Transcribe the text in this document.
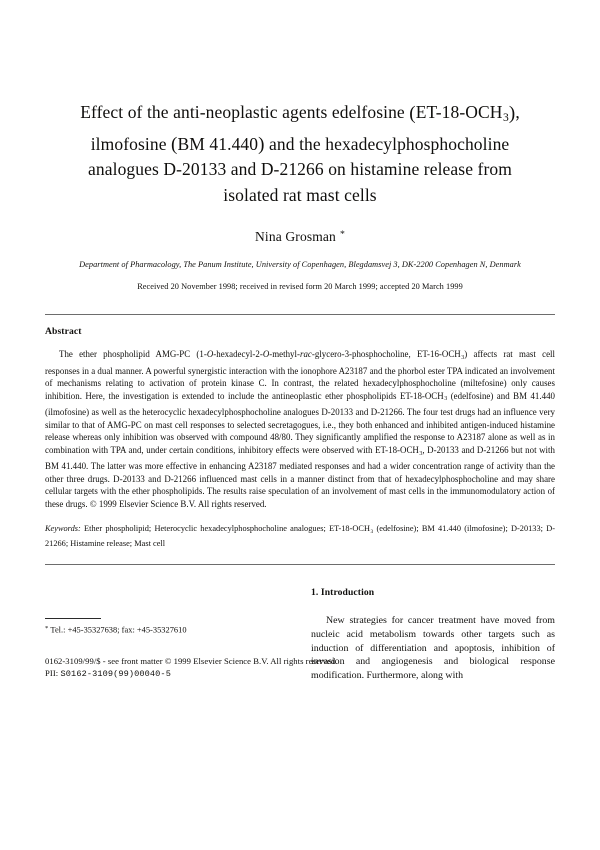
Effect of the anti-neoplastic agents edelfosine $(ET-18-OCH_3)$,
ilmofosine (BM 41.440) and the hexadecylphosphocholine
analogues D-20133 and D-21266 on histamine release from
isolated rat mast cells
Nina Grosman *
Department of Pharmacology, The Panum Institute, University of Copenhagen, Blegdamsvej 3, DK-2200 Copenhagen N, Denmark
Received 20 November 1998; received in revised form 20 March 1999; accepted 20 March 1999
Abstract

The ether phospholipid AMG-PC (1-O-hexadecyl-2-O-methyl-rac-glycero-3-phosphocholine, $ET-16-OCH_3$) affects rat mast cell responses in a dual manner. A powerful synergistic interaction with the ionophore A23187 and the phorbol ester TPA indicated an involvement of mechanisms relating to activation of protein kinase C. In contrast, the related hexadecylphosphocholine (miltefosine) only causes inhibition. Here, the investigation is extended to include the antineoplastic ether phospholipids $ET-18-OCH_3$ (edelfosine) and BM 41.440 (ilmofosine) as well as the heterocyclic hexadecylphosphocholine analogues D-20133 and D-21266. The four test drugs had an influence very similar to that of AMG-PC on mast cell responses to selected secretagogues, i.e., they both enhanced and inhibited antigen-induced histamine release whereas only inhibition was observed with compound 48/80. They significantly amplified the response to A23187 alone as well as in combination with TPA and, under certain conditions, inhibitory effects were observed with $ET-18-OCH_3$, D-20133 and D-21266 but not with BM 41.440. The latter was more effective in enhancing A23187 mediated responses and had a wider concentration range of activity than the other three drugs. D-20133 and D-21266 influenced mast cells in a manner distinct from that of hexadecylphosphocholine and may share cellular targets with the ether phospholipids. The results raise speculation of an involvement of mast cells in the immunomodulatory action of these drugs. © 1999 Elsevier Science B.V. All rights reserved.

Keywords: Ether phospholipid; Heterocyclic hexadecylphosphocholine analogues; $ET-18-OCH_3$ (edelfosine); BM 41.440 (ilmofosine); D-20133; D-21266; Histamine release; Mast cell

1. Introduction

New strategies for cancer treatment have moved from nucleic acid metabolism towards other targets such as induction of differentiation and apoptosis, inhibition of invasion and angiogenesis and biological response modification. Furthermore, along with

* Tel.: +45-35327638; fax: +45-35327610
0162-3109/99/$ - see front matter © 1999 Elsevier Science B.V. All rights reserved.
PII: S0162-3109(99)00040-5
